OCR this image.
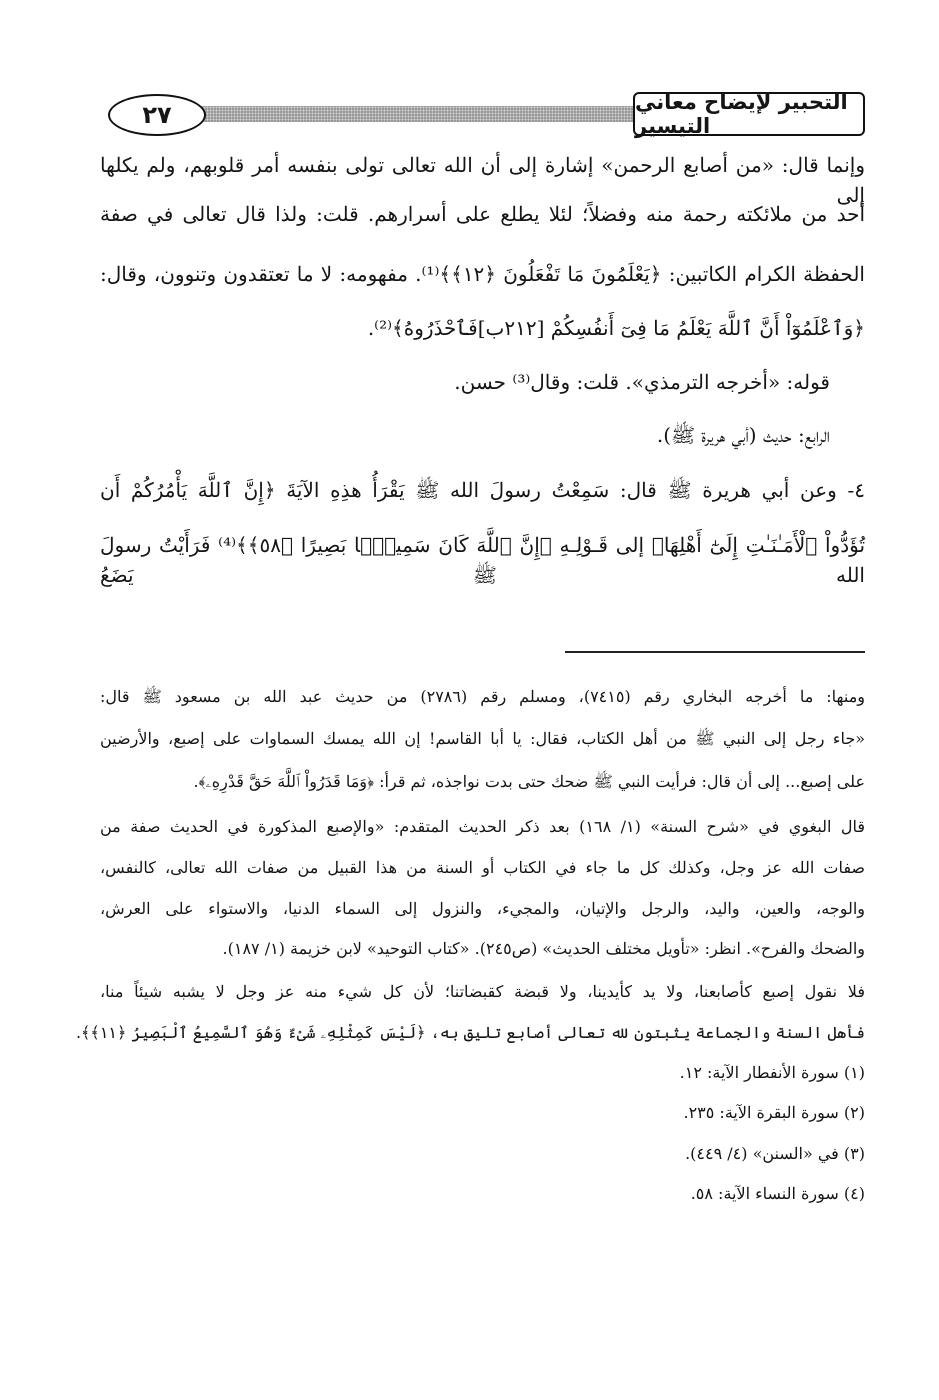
٢٧	التحبير لإيضاح معاني التيسير

وإنما قال: «من أصابع الرحمن» إشارة إلى أن الله تعالى تولى بنفسه أمر قلوبهم، ولم يكلها إلى

أحد من ملائكته رحمة منه وفضلاً؛ لئلا يطلع على أسرارهم. قلت: ولذا قال تعالى في صفة

الحفظة الكرام الكاتبين: ﴿يَعْلَمُونَ مَا تَفْعَلُونَ ﴿١٢﴾﴾⁽¹⁾. مفهومه: لا ما تعتقدون وتنوون، وقال:

﴿وَٱعْلَمُوٓاْ أَنَّ ٱللَّهَ يَعْلَمُ مَا فِىٓ أَنفُسِكُمْ [٢١٢ب]فَٱحْذَرُوهُ﴾⁽²⁾.

قوله: «أخرجه الترمذي». قلت: وقال⁽³⁾ حسن.

الرابع: حديث (أبي هريرة ﷺ).

٤- وعن أبي هريرة ﷺ قال: سَمِعْتُ رسولَ الله ﷺ يَقْرَأُ هذِهِ الآيَةَ ﴿إِنَّ ٱللَّهَ يَأْمُرُكُمْ أَن

تُؤَدُّواْ ٱلْأَمَـٰنَـٰتِ إِلَىٰٓ أَهْلِهَا﴾ إلى قَـوْلِـهِ ﴿إِنَّ ٱللَّهَ كَانَ سَمِيعًۢا بَصِيرًا ﴿٥٨﴾﴾⁽⁴⁾ فَرَأَيْتُ رسولَ الله ﷺ يَضَعُ

ومنها: ما أخرجه البخاري رقم (٧٤١٥)، ومسلم رقم (٢٧٨٦) من حديث عبد الله بن مسعود ﷺ قال:

«جاء رجل إلى النبي ﷺ من أهل الكتاب، فقال: يا أبا القاسم! إن الله يمسك السماوات على إصبع، والأرضين

على إصبع... إلى أن قال: فرأيت النبي ﷺ ضحك حتى بدت نواجذه، ثم قرأ: ﴿وَمَا قَدَرُواْ ٱللَّهَ حَقَّ قَدْرِهِۦ﴾.

قال البغوي في «شرح السنة» (١/ ١٦٨) بعد ذكر الحديث المتقدم: «والإصبع المذكورة في الحديث صفة من

صفات الله عز وجل، وكذلك كل ما جاء في الكتاب أو السنة من هذا القبيل من صفات الله تعالى، كالنفس،

والوجه، والعين، واليد، والرجل والإتيان، والمجيء، والنزول إلى السماء الدنيا، والاستواء على العرش،

والضحك والفرح». انظر: «تأويل مختلف الحديث» (ص٢٤٥). «كتاب التوحيد» لابن خزيمة (١/ ١٨٧).

فلا نقول إصبع كأصابعنا، ولا يد كأيدينا، ولا قبضة كقبضاتنا؛ لأن كل شيء منه عز وجل لا يشبه شيئاً منا،

فأهل السنة والجماعة يثبتون لله تعالى أصابع تليق به، ﴿لَيْسَ كَمِثْلِهِۦ شَىْءٌ وَهُوَ ٱلسَّمِيعُ ٱلْبَصِيرُ ﴿١١﴾﴾.

(١) سورة الأنفطار الآية: ١٢.

(٢) سورة البقرة الآية: ٢٣٥.

(٣) في «السنن» (٤/ ٤٤٩).

(٤) سورة النساء الآية: ٥٨.
